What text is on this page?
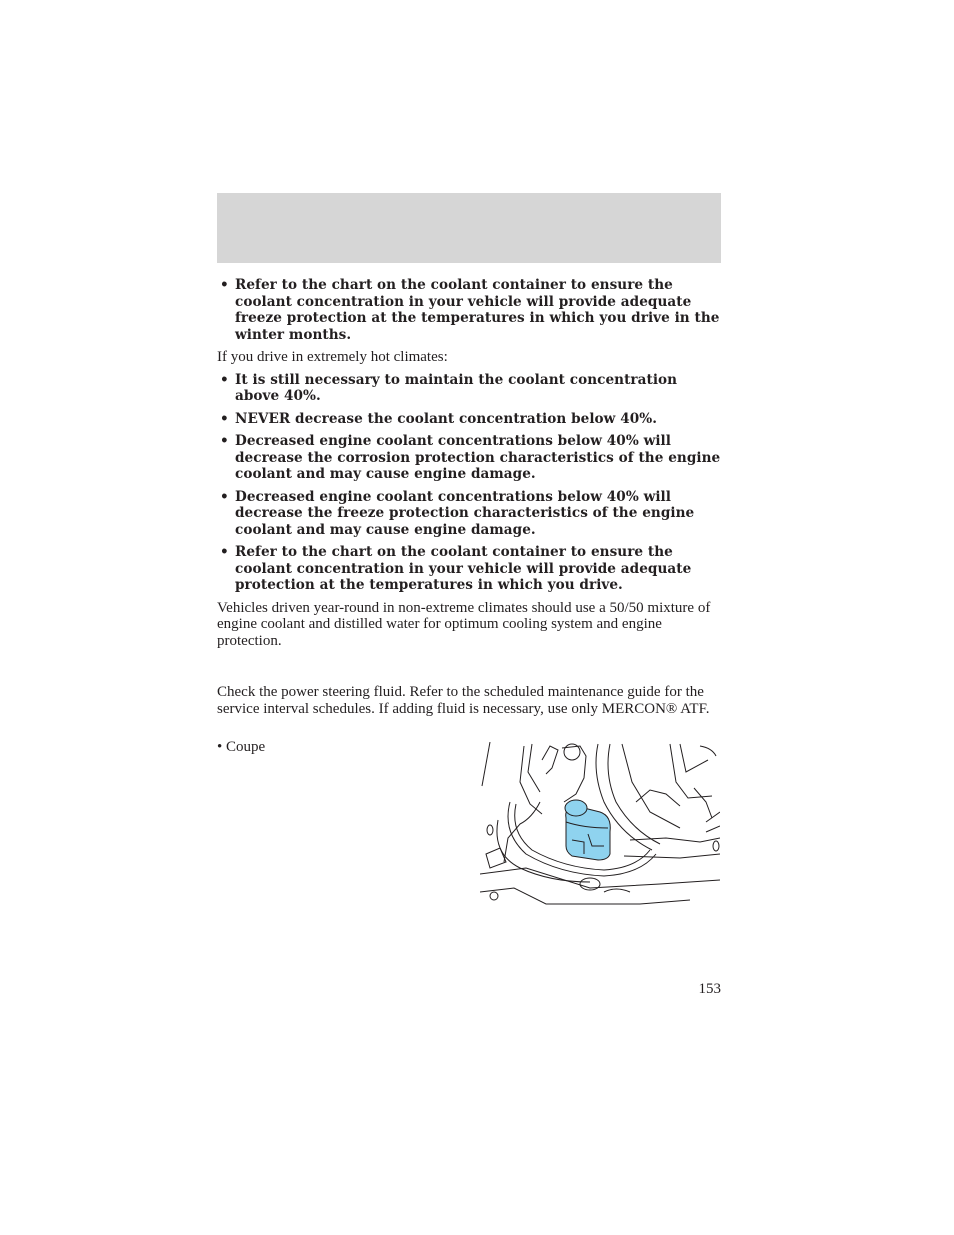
• Refer to the chart on the coolant container to ensure the coolant concentration in your vehicle will provide adequate freeze protection at the temperatures in which you drive in the winter months.

If you drive in extremely hot climates:

• It is still necessary to maintain the coolant concentration above 40%.
• NEVER decrease the coolant concentration below 40%.
• Decreased engine coolant concentrations below 40% will decrease the corrosion protection characteristics of the engine coolant and may cause engine damage.
• Decreased engine coolant concentrations below 40% will decrease the freeze protection characteristics of the engine coolant and may cause engine damage.
• Refer to the chart on the coolant container to ensure the coolant concentration in your vehicle will provide adequate protection at the temperatures in which you drive.

Vehicles driven year-round in non-extreme climates should use a 50/50 mixture of engine coolant and distilled water for optimum cooling system and engine protection.

Check the power steering fluid. Refer to the scheduled maintenance guide for the service interval schedules. If adding fluid is necessary, use only MERCON® ATF.

• Coupe
153
